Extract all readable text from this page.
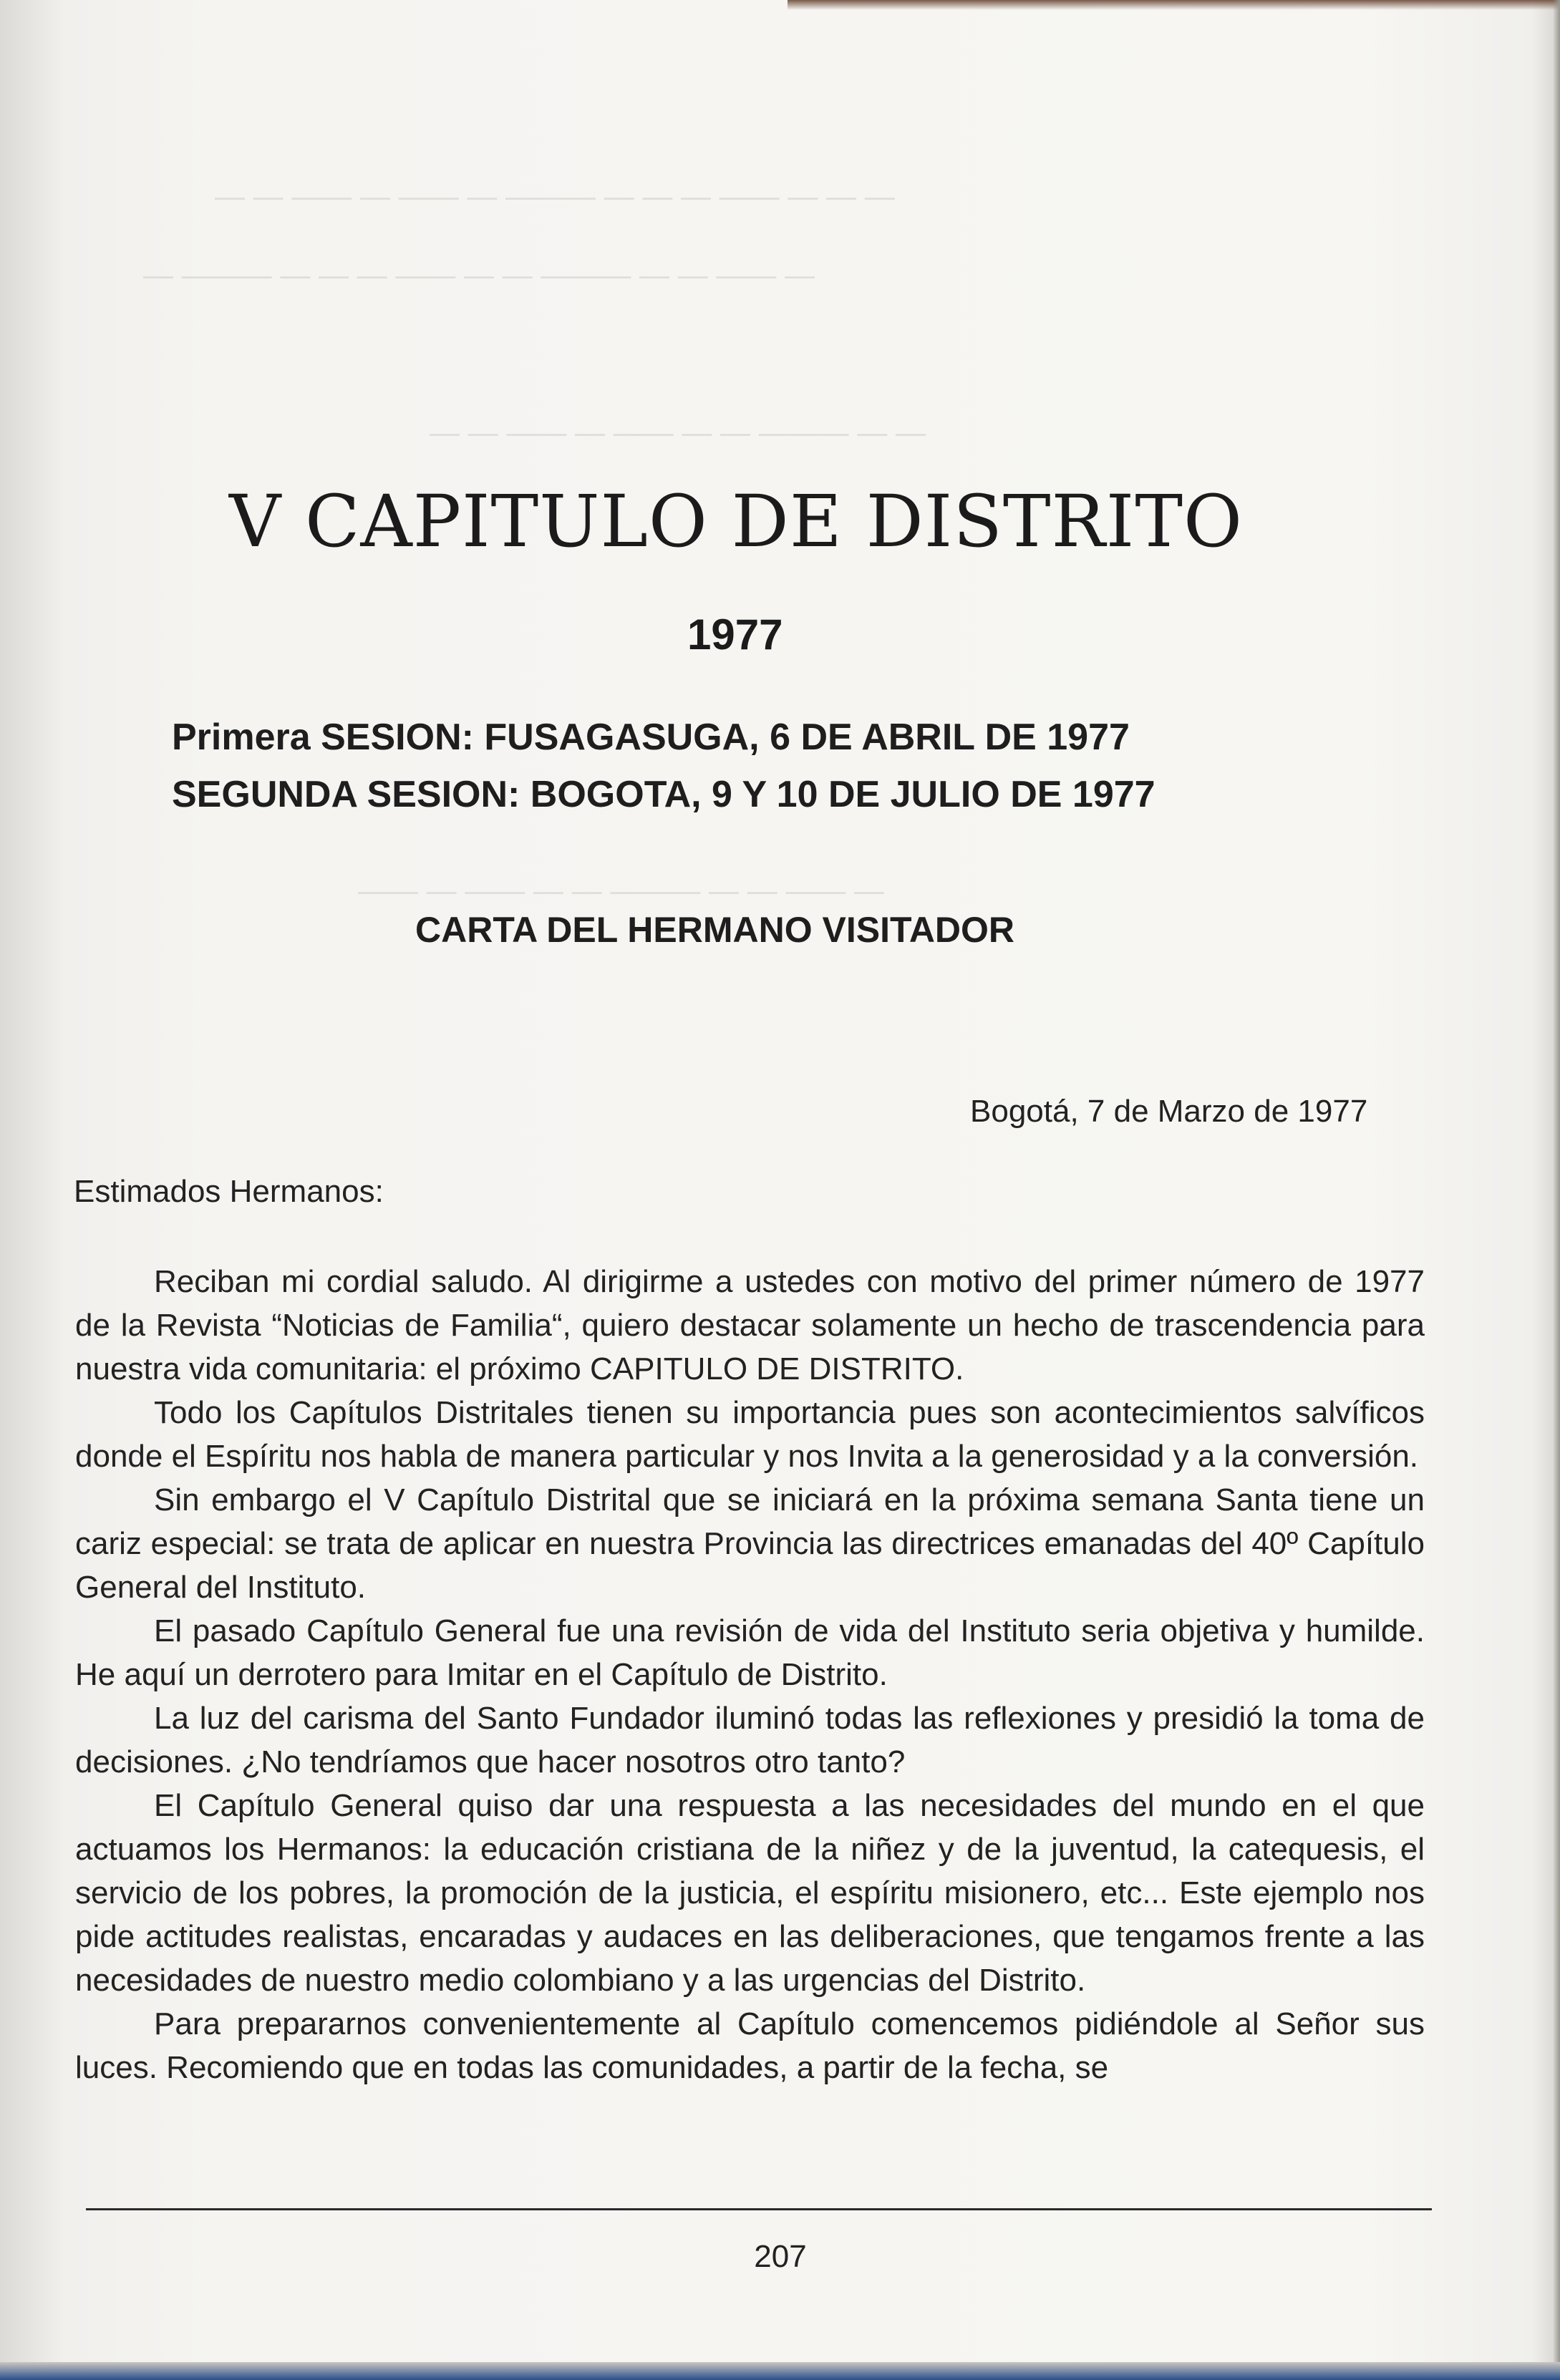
— — — —— — — — ——— — —— — —— — —
— —— — — ——— — — —— — — — ——— —
— — ——— — — —— — —— — —
— —— — — ——— — — —— — ——
V CAPITULO DE DISTRITO
1977

Primera SESION: FUSAGASUGA, 6 DE ABRIL DE 1977

SEGUNDA SESION: BOGOTA, 9 Y 10 DE JULIO DE 1977

CARTA DEL HERMANO VISITADOR
Bogotá, 7 de Marzo de 1977
Estimados Hermanos:

Reciban mi cordial saludo. Al dirigirme a ustedes con motivo del primer número de 1977 de la Revista “Noticias de Familia“, quiero destacar solamente un hecho de trascendencia para nuestra vida comunitaria: el próximo CAPITULO DE DISTRITO.

Todo los Capítulos Distritales tienen su importancia pues son acontecimientos salvíficos donde el Espíritu nos habla de manera particular y nos Invita a la generosidad y a la conversión.

Sin embargo el V Capítulo Distrital que se iniciará en la próxima semana Santa tiene un cariz especial: se trata de aplicar en nuestra Provincia las directrices emanadas del 40º Capítulo General del Instituto.

El pasado Capítulo General fue una revisión de vida del Instituto seria objetiva y humilde. He aquí un derrotero para Imitar en el Capítulo de Distrito.

La luz del carisma del Santo Fundador iluminó todas las reflexiones y presidió la toma de decisiones. ¿No tendríamos que hacer nosotros otro tanto?

El Capítulo General quiso dar una respuesta a las necesidades del mundo en el que actuamos los Hermanos: la educación cristiana de la niñez y de la juventud, la catequesis, el servicio de los pobres, la promoción de la justicia, el espíritu misionero, etc... Este ejemplo nos pide actitudes realistas, encaradas y audaces en las deliberaciones, que tengamos frente a las necesidades de nuestro medio colombiano y a las urgencias del Distrito.

Para prepararnos convenientemente al Capítulo comencemos pidiéndole al Señor sus luces. Recomiendo que en todas las comunidades, a partir de la fecha, se

207
